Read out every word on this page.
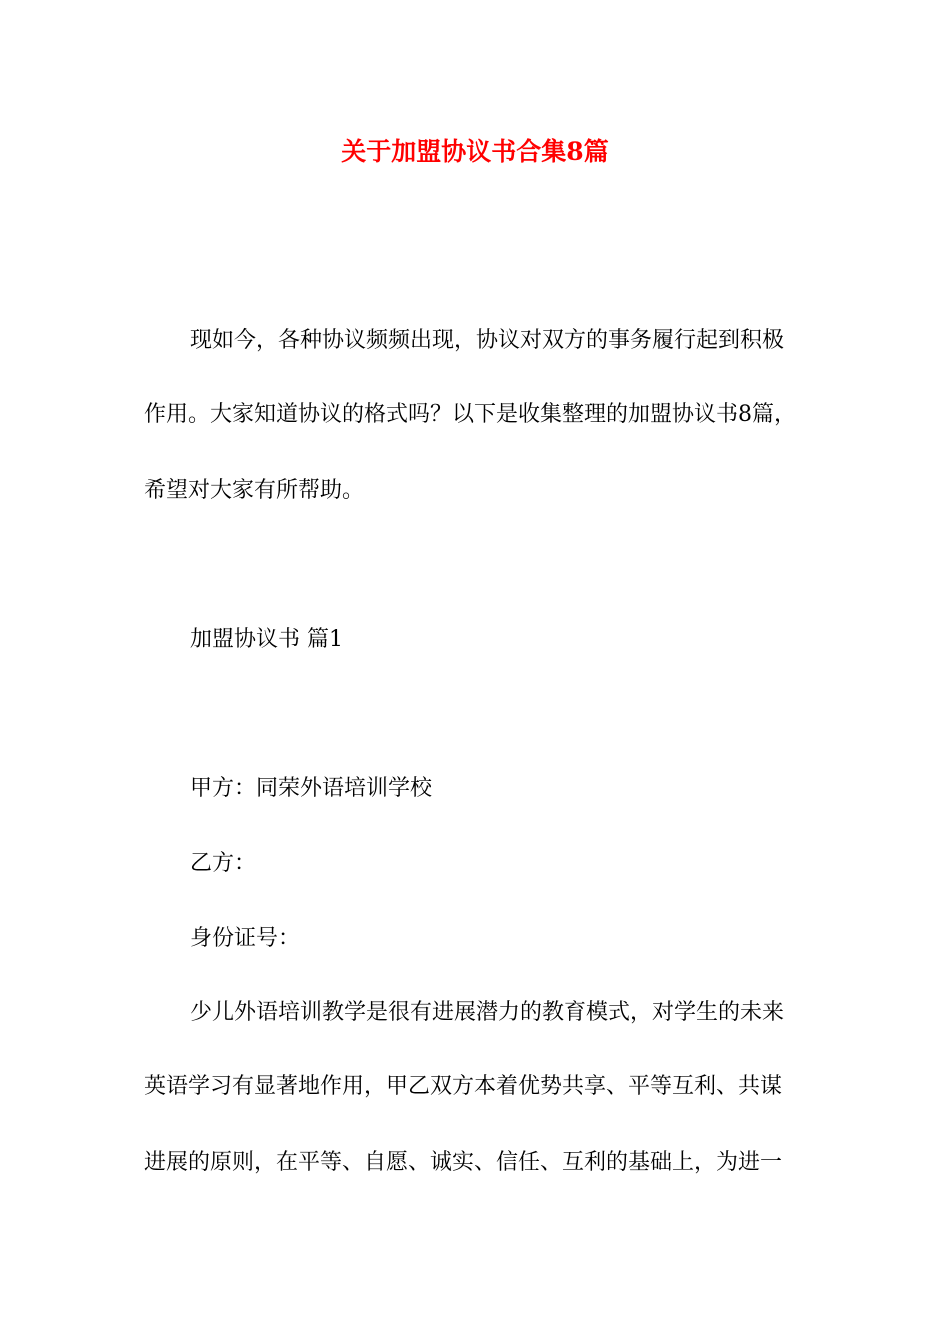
关于加盟协议书合集8篇
现如今，各种协议频频出现，协议对双方的事务履行起到积极
作用。大家知道协议的格式吗？以下是收集整理的加盟协议书8篇，
希望对大家有所帮助。
加盟协议书 篇1
甲方：同荣外语培训学校
乙方：
身份证号：
少儿外语培训教学是很有进展潜力的教育模式，对学生的未来
英语学习有显著地作用，甲乙双方本着优势共享、平等互利、共谋
进展的原则，在平等、自愿、诚实、信任、互利的基础上，为进一
